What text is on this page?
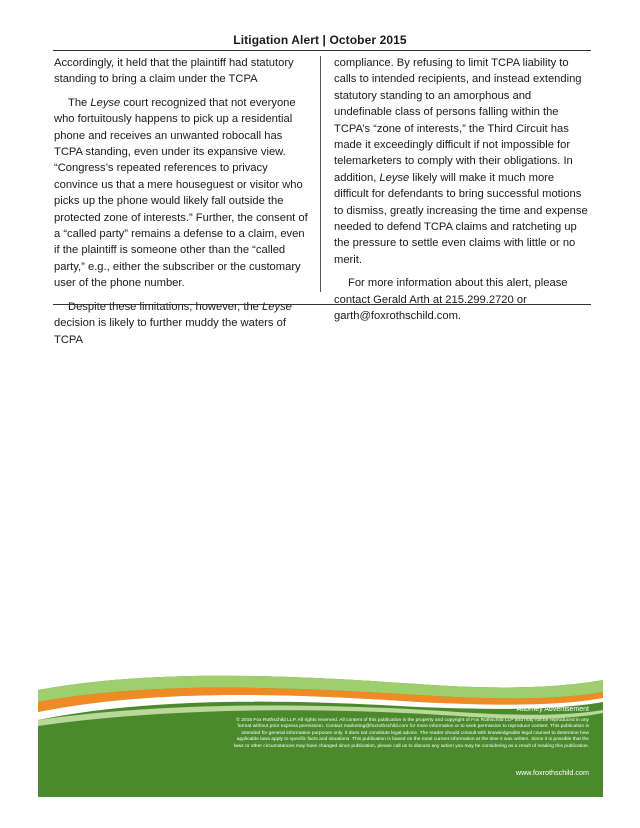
Litigation Alert | October 2015

Accordingly, it held that the plaintiff had statutory standing to bring a claim under the TCPA

The Leyse court recognized that not everyone who fortuitously happens to pick up a residential phone and receives an unwanted robocall has TCPA standing, even under its expansive view. “Congress’s repeated references to privacy convince us that a mere houseguest or visitor who picks up the phone would likely fall outside the protected zone of interests.” Further, the consent of a “called party” remains a defense to a claim, even if the plaintiff is someone other than the “called party,” e.g., either the subscriber or the customary user of the phone number.

Despite these limitations, however, the Leyse decision is likely to further muddy the waters of TCPA

compliance. By refusing to limit TCPA liability to calls to intended recipients, and instead extending statutory standing to an amorphous and undefinable class of persons falling within the TCPA’s “zone of interests,” the Third Circuit has made it exceedingly difficult if not impossible for telemarketers to comply with their obligations. In addition, Leyse likely will make it much more difficult for defendants to bring successful motions to dismiss, greatly increasing the time and expense needed to defend TCPA claims and ratcheting up the pressure to settle even claims with little or no merit.

For more information about this alert, please contact Gerald Arth at 215.299.2720 or garth@foxrothschild.com.

Attorney Advertisement
© 2015 Fox Rothschild LLP. All rights reserved. All content of this publication is the property and copyright of Fox Rothschild LLP and may not be reproduced in any format without prior express permission. Contact marketing@foxrothschild.com for more information or to seek permission to reproduce content. This publication is intended for general information purposes only. It does not constitute legal advice. The reader should consult with knowledgeable legal counsel to determine how applicable laws apply to specific facts and situations. This publication is based on the most current information at the time it was written. Since it is possible that the laws or other circumstances may have changed since publication, please call us to discuss any action you may be considering as a result of reading this publication.
www.foxrothschild.com
